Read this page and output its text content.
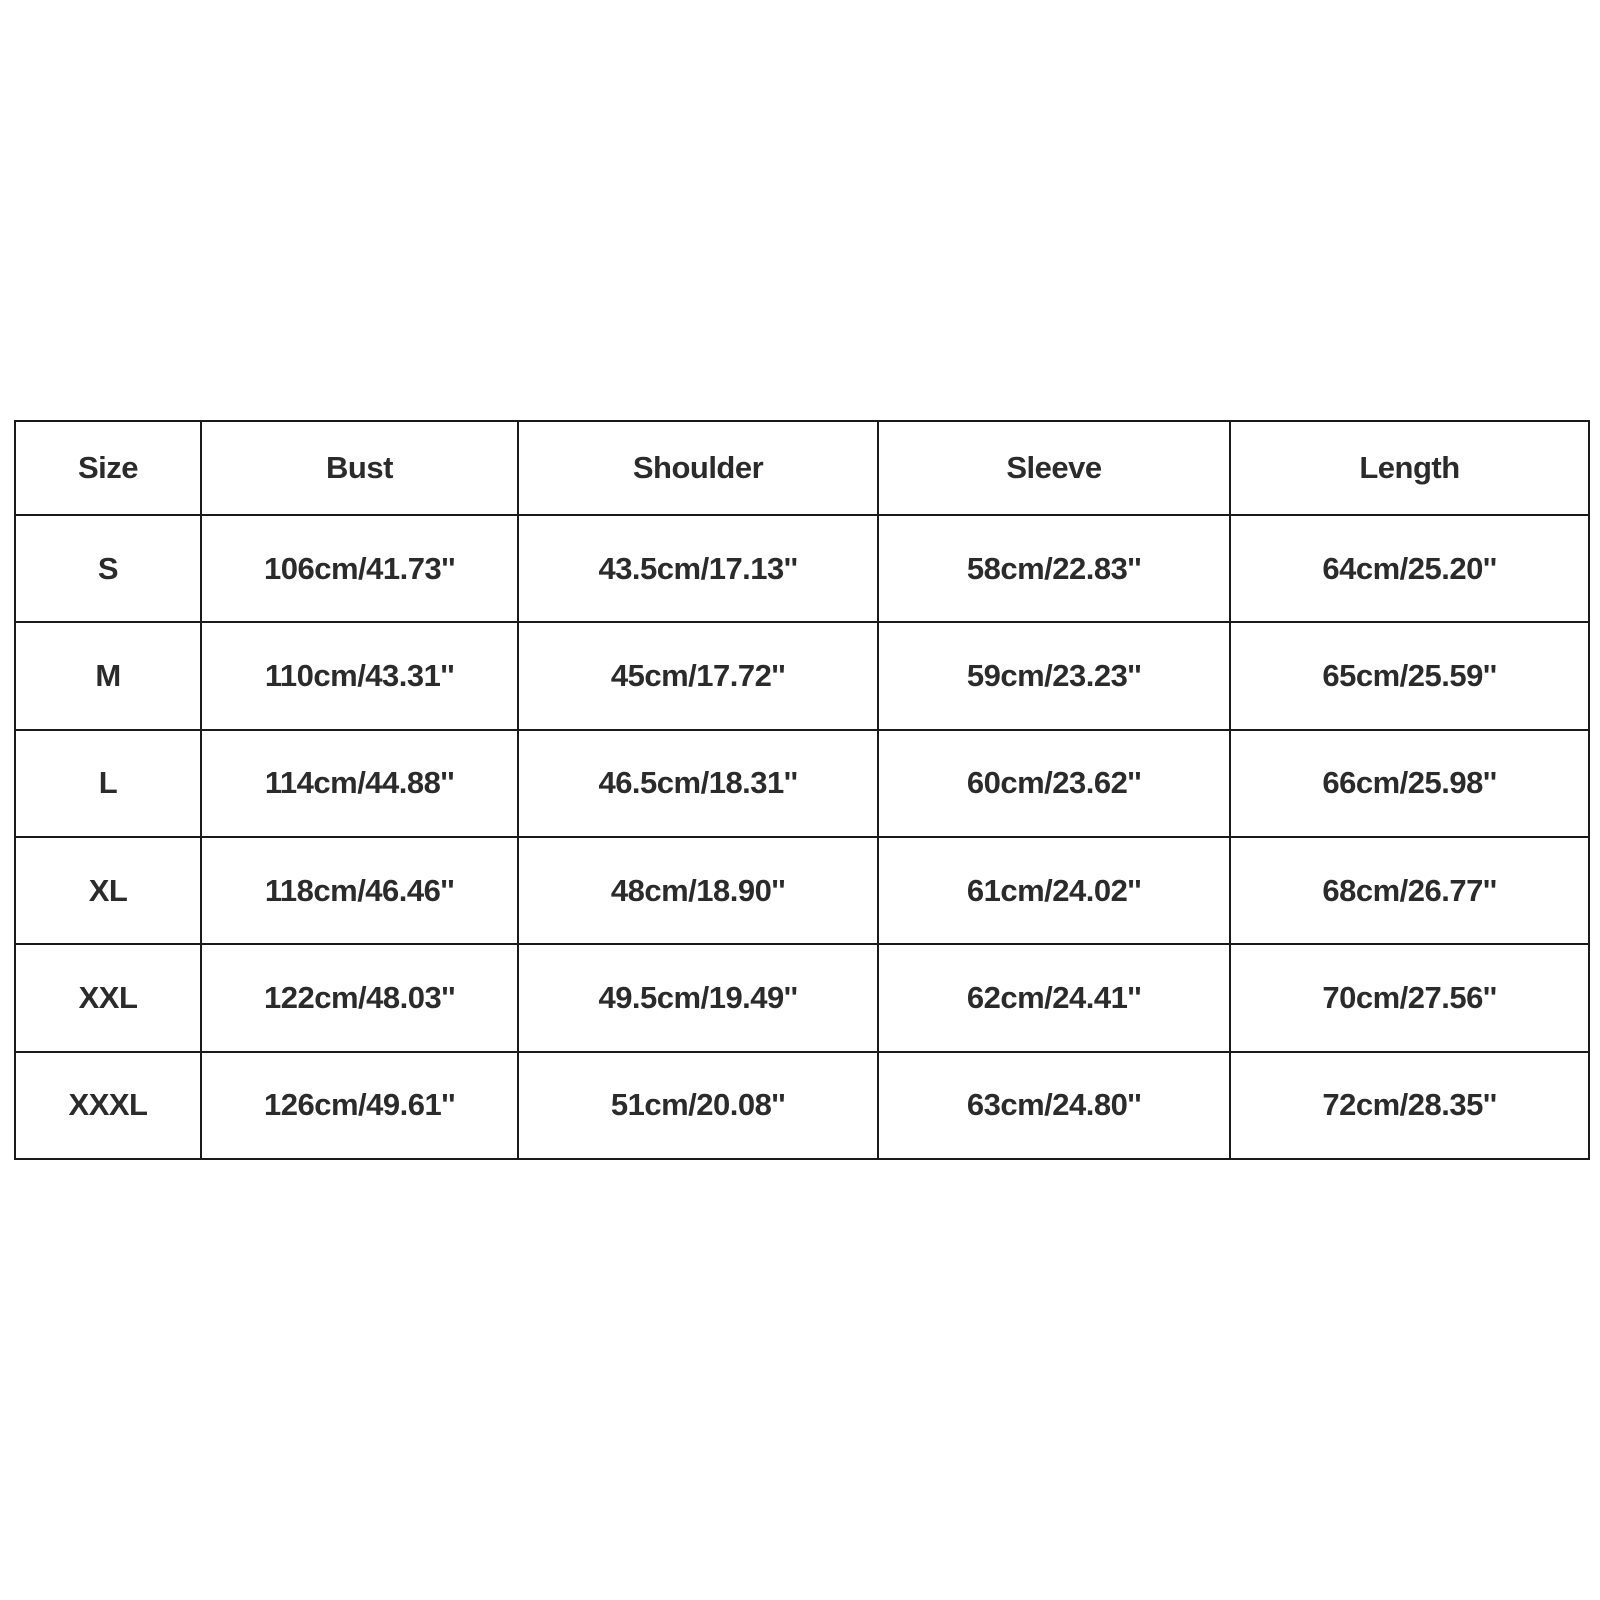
Size	Bust	Shoulder	Sleeve	Length
S	106cm/41.73''	43.5cm/17.13''	58cm/22.83''	64cm/25.20''
M	110cm/43.31''	45cm/17.72''	59cm/23.23''	65cm/25.59''
L	114cm/44.88''	46.5cm/18.31''	60cm/23.62''	66cm/25.98''
XL	118cm/46.46''	48cm/18.90''	61cm/24.02''	68cm/26.77''
XXL	122cm/48.03''	49.5cm/19.49''	62cm/24.41''	70cm/27.56''
XXXL	126cm/49.61''	51cm/20.08''	63cm/24.80''	72cm/28.35''
